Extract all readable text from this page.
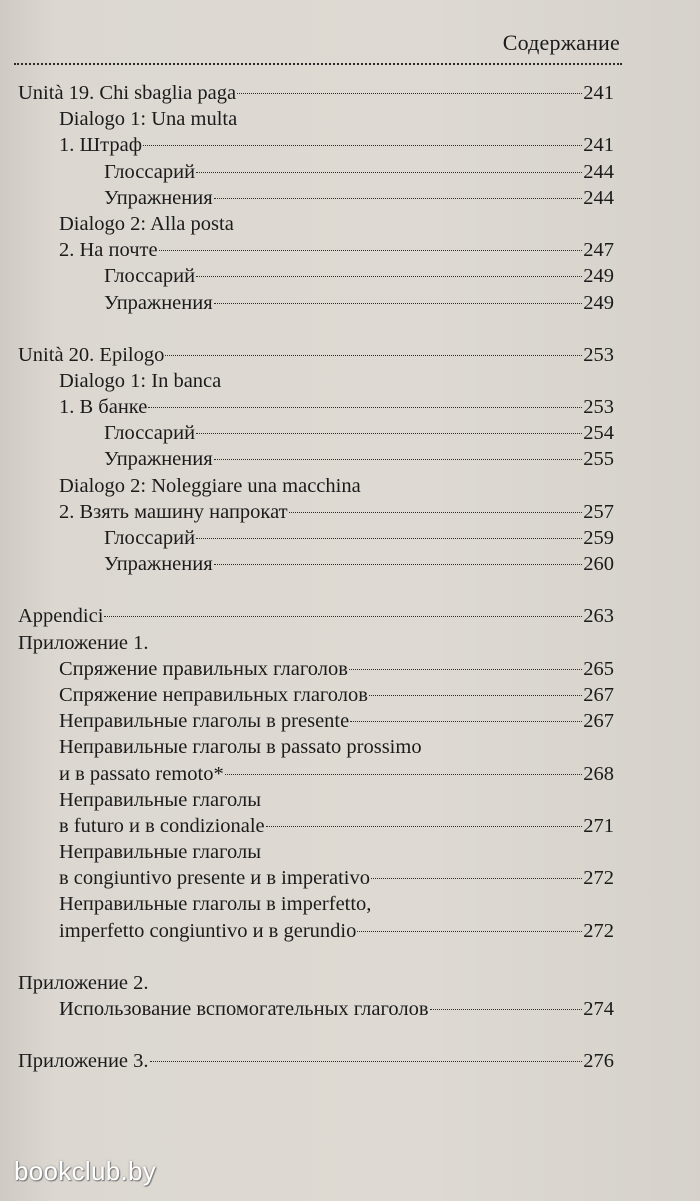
Содержание
Unità 19. Chi sbaglia paga	241
Dialogo 1: Una multa
1. Штраф	241
Глоссарий	244
Упражнения	244
Dialogo 2: Alla posta
2. На почте	247
Глоссарий	249
Упражнения	249
Unità 20. Epilogo	253
Dialogo 1: In banca
1. В банке	253
Глоссарий	254
Упражнения	255
Dialogo 2: Noleggiare una macchina
2. Взять машину напрокат	257
Глоссарий	259
Упражнения	260
Appendici	263
Приложение 1.
Спряжение правильных глаголов	265
Спряжение неправильных глаголов	267
Неправильные глаголы в presente	267
Неправильные глаголы в passato prossimo
и в passato remoto*	268
Неправильные глаголы
в futuro и в condizionale	271
Неправильные глаголы
в congiuntivo presente и в imperativo	272
Неправильные глаголы в imperfetto,
imperfetto congiuntivo и в gerundio	272
Приложение 2.
Использование вспомогательных глаголов	274
Приложение 3.	276
bookclub.by
